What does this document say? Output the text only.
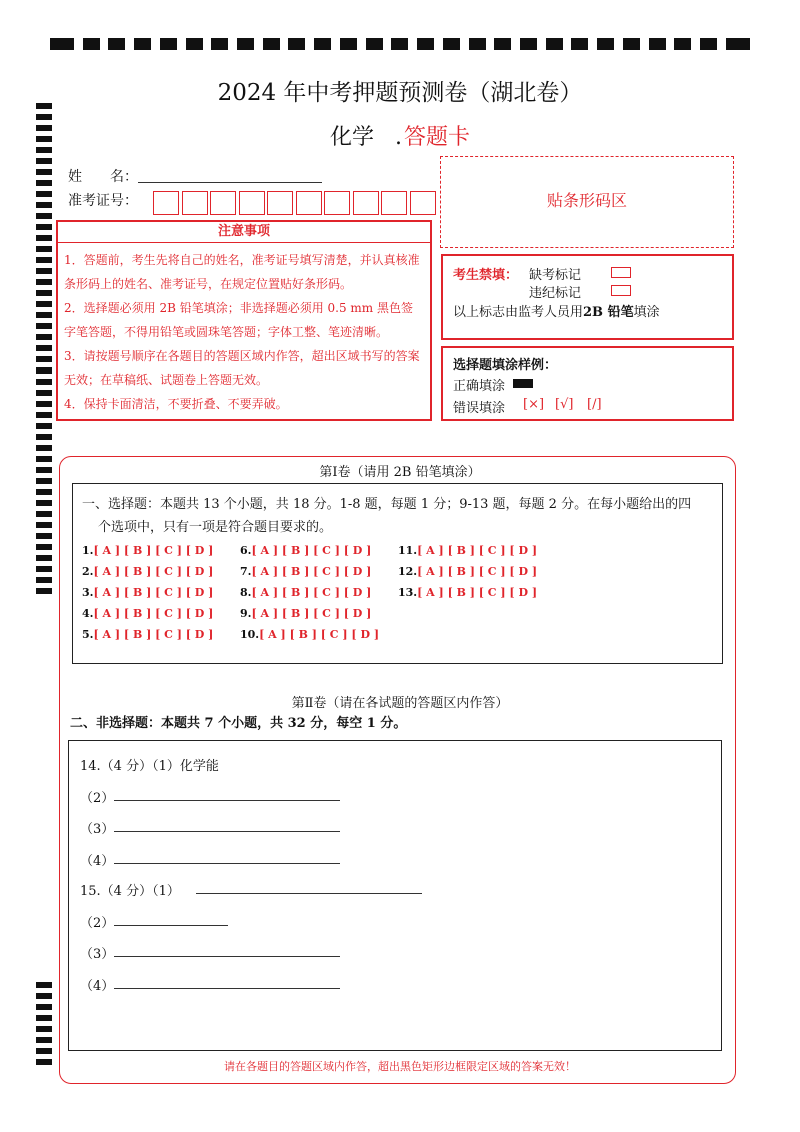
2024 年中考押题预测卷（湖北卷）
化学 .答题卡
姓　　名：
准考证号：	贴条形码区
注意事项
1．答题前，考生先将自己的姓名，准考证号填写清楚，并认真核准条形码上的姓名、准考证号，在规定位置贴好条形码。
2．选择题必须用 2B 铅笔填涂；非选择题必须用 0.5 mm 黑色签字笔答题，不得用铅笔或圆珠笔答题；字体工整、笔迹清晰。
3．请按题号顺序在各题目的答题区域内作答，超出区域书写的答案无效；在草稿纸、试题卷上答题无效。
4．保持卡面清洁，不要折叠、不要弄破。
考生禁填： 缺考标记
违纪标记
以上标志由监考人员用2B 铅笔填涂
选择题填涂样例：
正确填涂
错误填涂 [×] [√] [/]
第Ⅰ卷（请用 2B 铅笔填涂）
一、选择题：本题共 13 个小题，共 18 分。1-8 题，每题 1 分；9-13 题，每题 2 分。在每小题给出的四
个选项中，只有一项是符合题目要求的。
1.[ A ] [ B ] [ C ] [ D ]
2.[ A ] [ B ] [ C ] [ D ]
3.[ A ] [ B ] [ C ] [ D ]
4.[ A ] [ B ] [ C ] [ D ]
5.[ A ] [ B ] [ C ] [ D ]
6.[ A ] [ B ] [ C ] [ D ]
7.[ A ] [ B ] [ C ] [ D ]
8.[ A ] [ B ] [ C ] [ D ]
9.[ A ] [ B ] [ C ] [ D ]
10.[ A ] [ B ] [ C ] [ D ]
11.[ A ] [ B ] [ C ] [ D ]
12.[ A ] [ B ] [ C ] [ D ]
13.[ A ] [ B ] [ C ] [ D ]
第Ⅱ卷（请在各试题的答题区内作答）
二、非选择题：本题共 7 个小题，共 32 分，每空 1 分。
14.（4 分）（1）化学能
（2）
（3）
（4）
15.（4 分）（1）
（2）
（3）
（4）
请在各题目的答题区域内作答，超出黑色矩形边框限定区域的答案无效！
